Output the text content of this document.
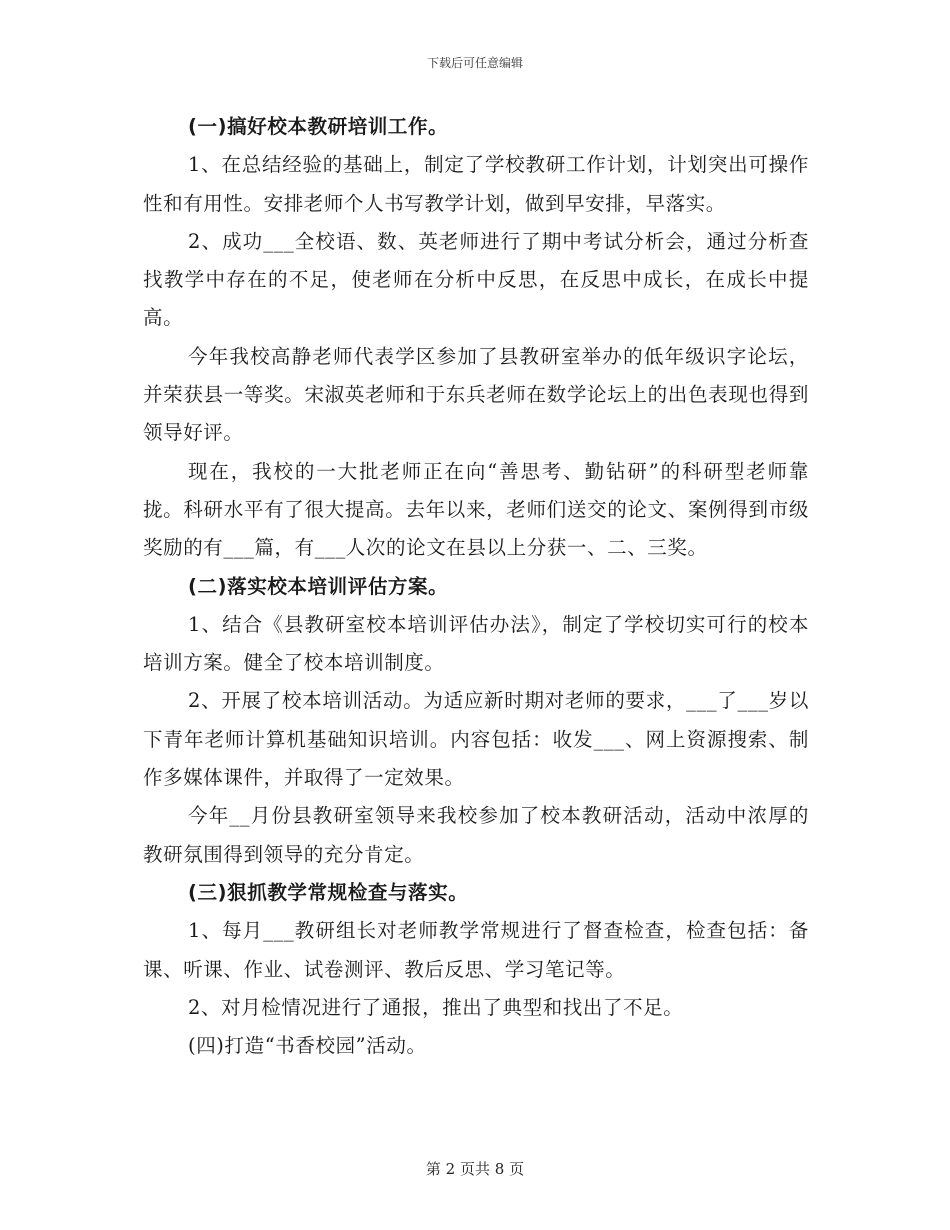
下载后可任意编辑

(一)搞好校本教研培训工作。

1、在总结经验的基础上，制定了学校教研工作计划，计划突出可操作性和有用性。安排老师个人书写教学计划，做到早安排，早落实。

2、成功___全校语、数、英老师进行了期中考试分析会，通过分析查找教学中存在的不足，使老师在分析中反思，在反思中成长，在成长中提高。

今年我校高静老师代表学区参加了县教研室举办的低年级识字论坛，并荣获县一等奖。宋淑英老师和于东兵老师在数学论坛上的出色表现也得到领导好评。

现在，我校的一大批老师正在向“善思考、勤钻研”的科研型老师靠拢。科研水平有了很大提高。去年以来，老师们送交的论文、案例得到市级奖励的有___篇，有___人次的论文在县以上分获一、二、三奖。

(二)落实校本培训评估方案。

1、结合《县教研室校本培训评估办法》，制定了学校切实可行的校本培训方案。健全了校本培训制度。

2、开展了校本培训活动。为适应新时期对老师的要求，___了___岁以下青年老师计算机基础知识培训。内容包括：收发___、网上资源搜索、制作多媒体课件，并取得了一定效果。

今年__月份县教研室领导来我校参加了校本教研活动，活动中浓厚的教研氛围得到领导的充分肯定。

(三)狠抓教学常规检查与落实。

1、每月___教研组长对老师教学常规进行了督查检查，检查包括：备课、听课、作业、试卷测评、教后反思、学习笔记等。

2、对月检情况进行了通报，推出了典型和找出了不足。

(四)打造“书香校园”活动。

第 2 页共 8 页
